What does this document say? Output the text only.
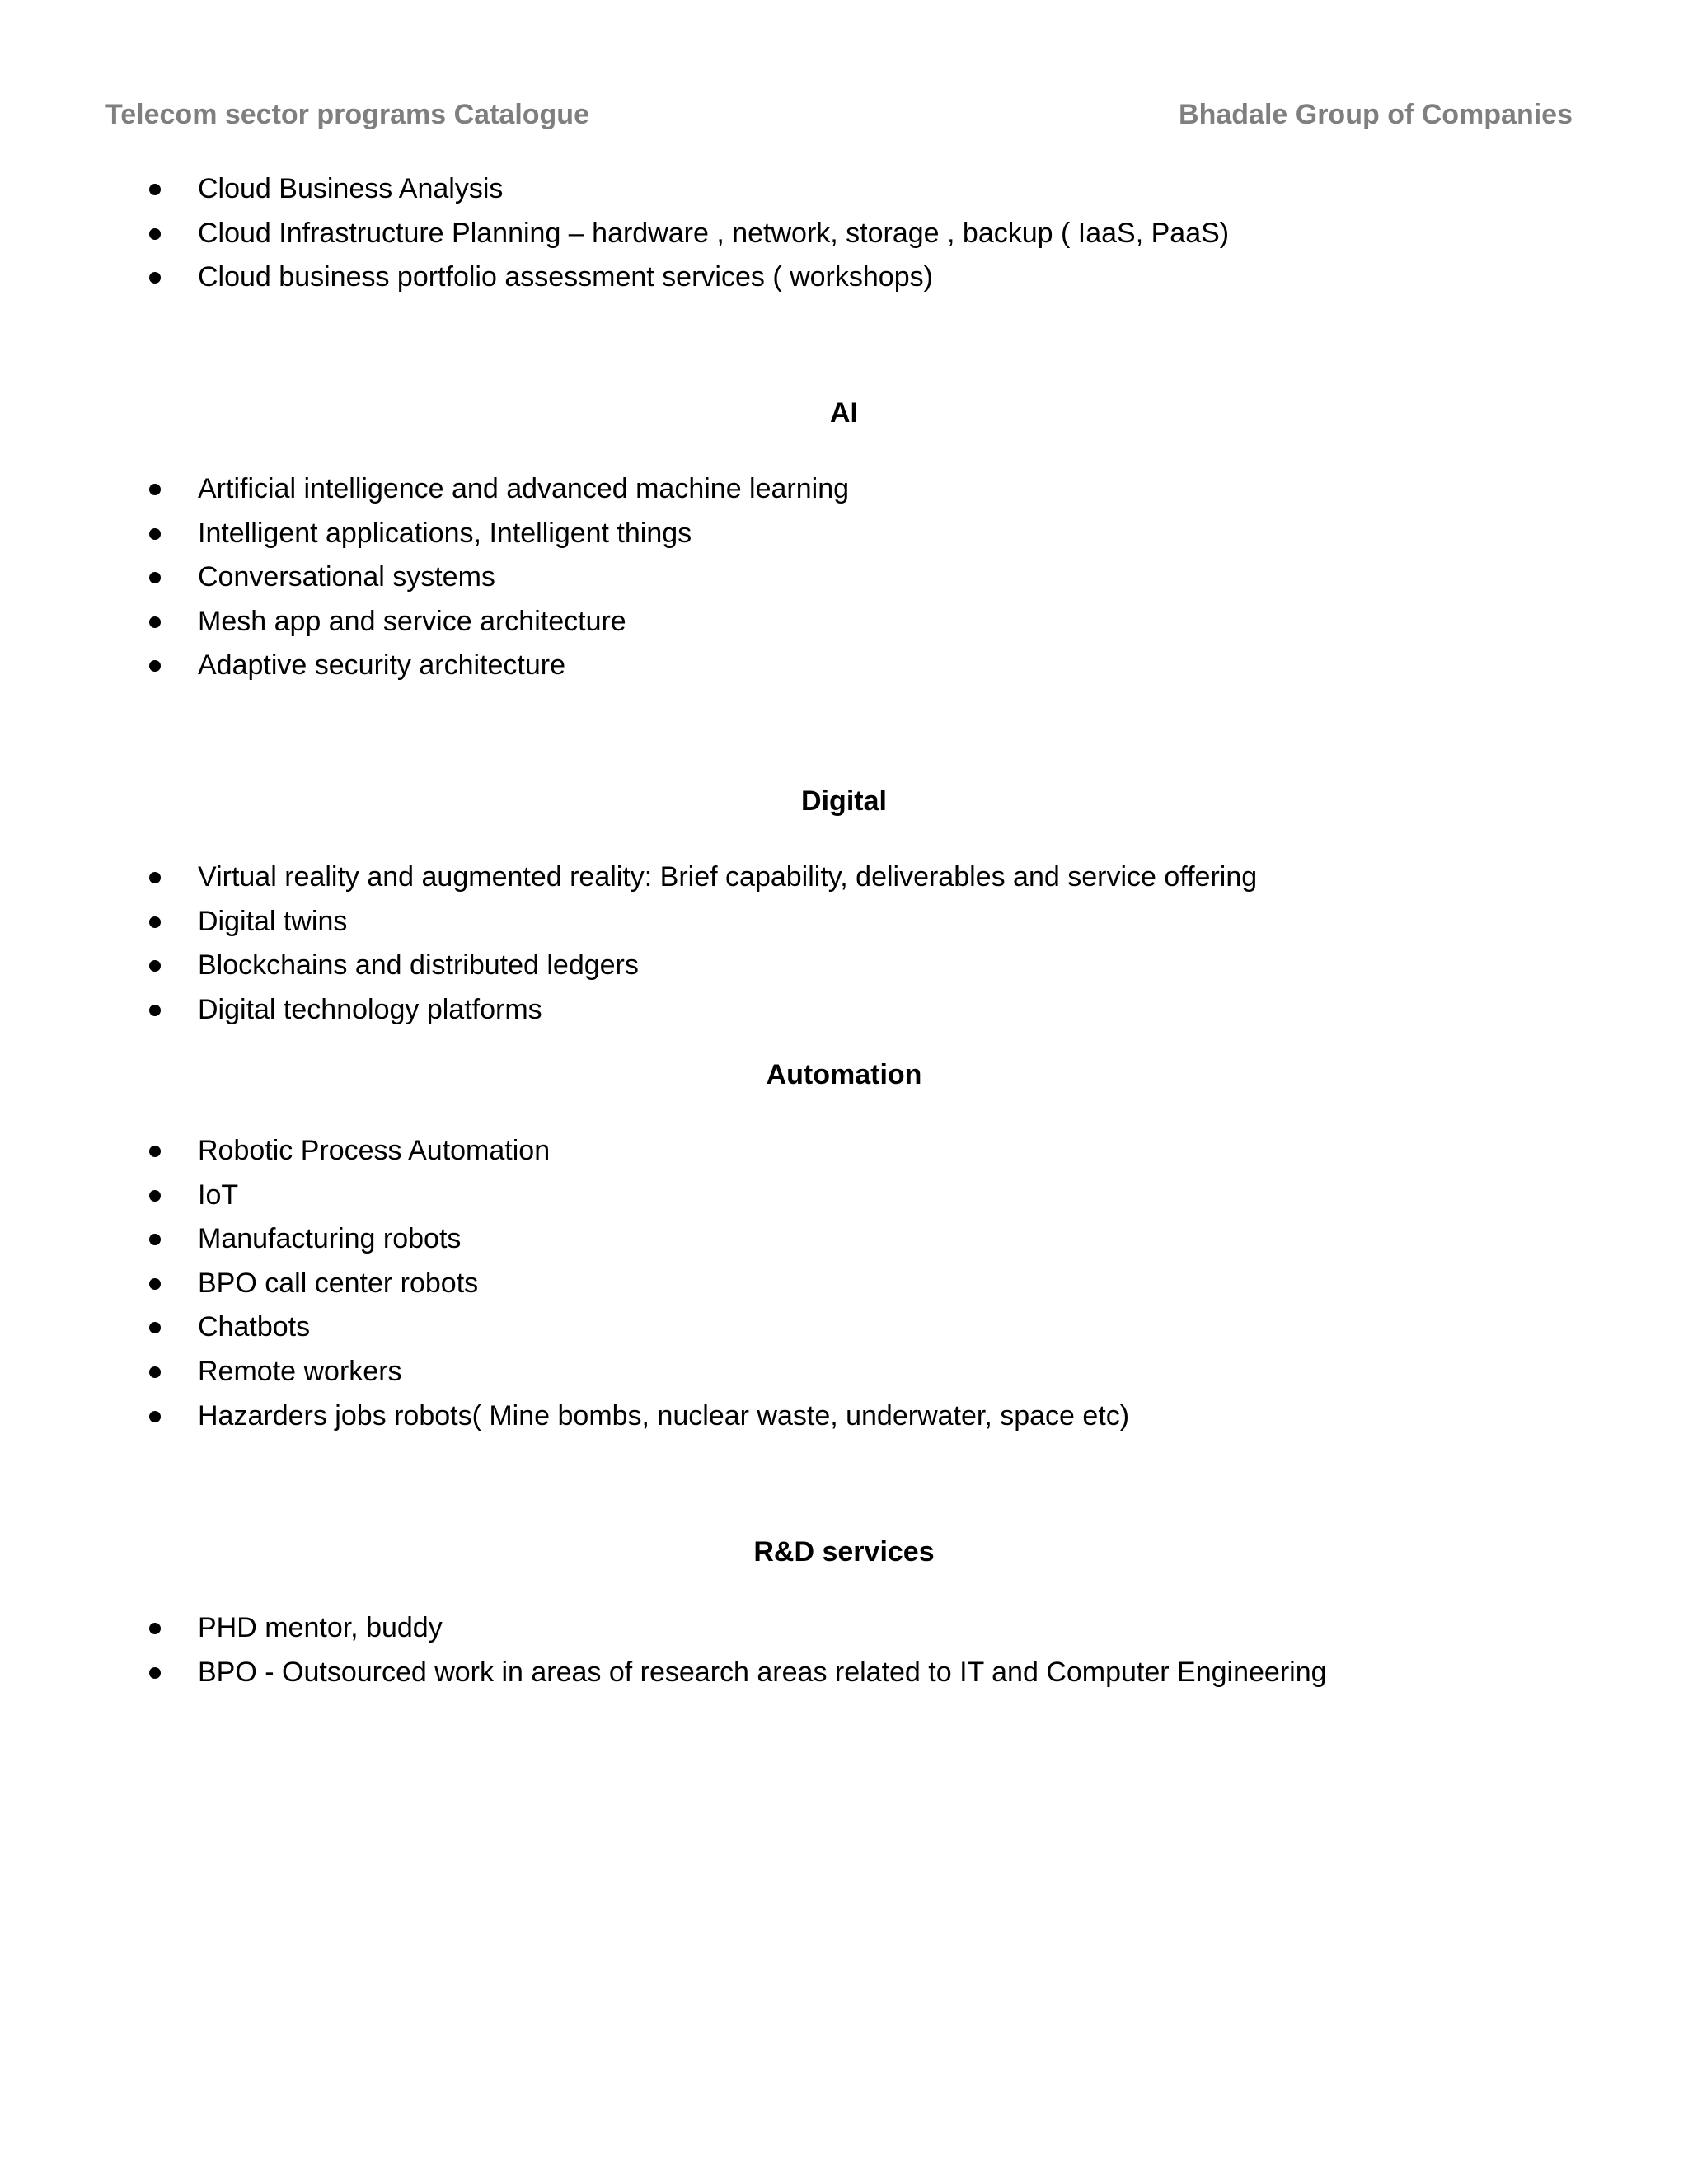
Telecom sector programs Catalogue	Bhadale Group of Companies
Cloud Business Analysis
Cloud Infrastructure Planning – hardware , network, storage , backup ( IaaS, PaaS)
Cloud business portfolio assessment services ( workshops)
AI
Artificial intelligence and advanced machine learning
Intelligent applications, Intelligent things
Conversational systems
Mesh app and service architecture
Adaptive security architecture
Digital
Virtual reality and augmented reality: Brief capability, deliverables and service offering
Digital twins
Blockchains and distributed ledgers
Digital technology platforms
Automation
Robotic Process Automation
IoT
Manufacturing robots
BPO call center robots
Chatbots
Remote workers
Hazarders jobs robots( Mine bombs, nuclear waste, underwater, space etc)
R&D services
PHD mentor, buddy
BPO - Outsourced work in areas of research areas related to IT and Computer Engineering
